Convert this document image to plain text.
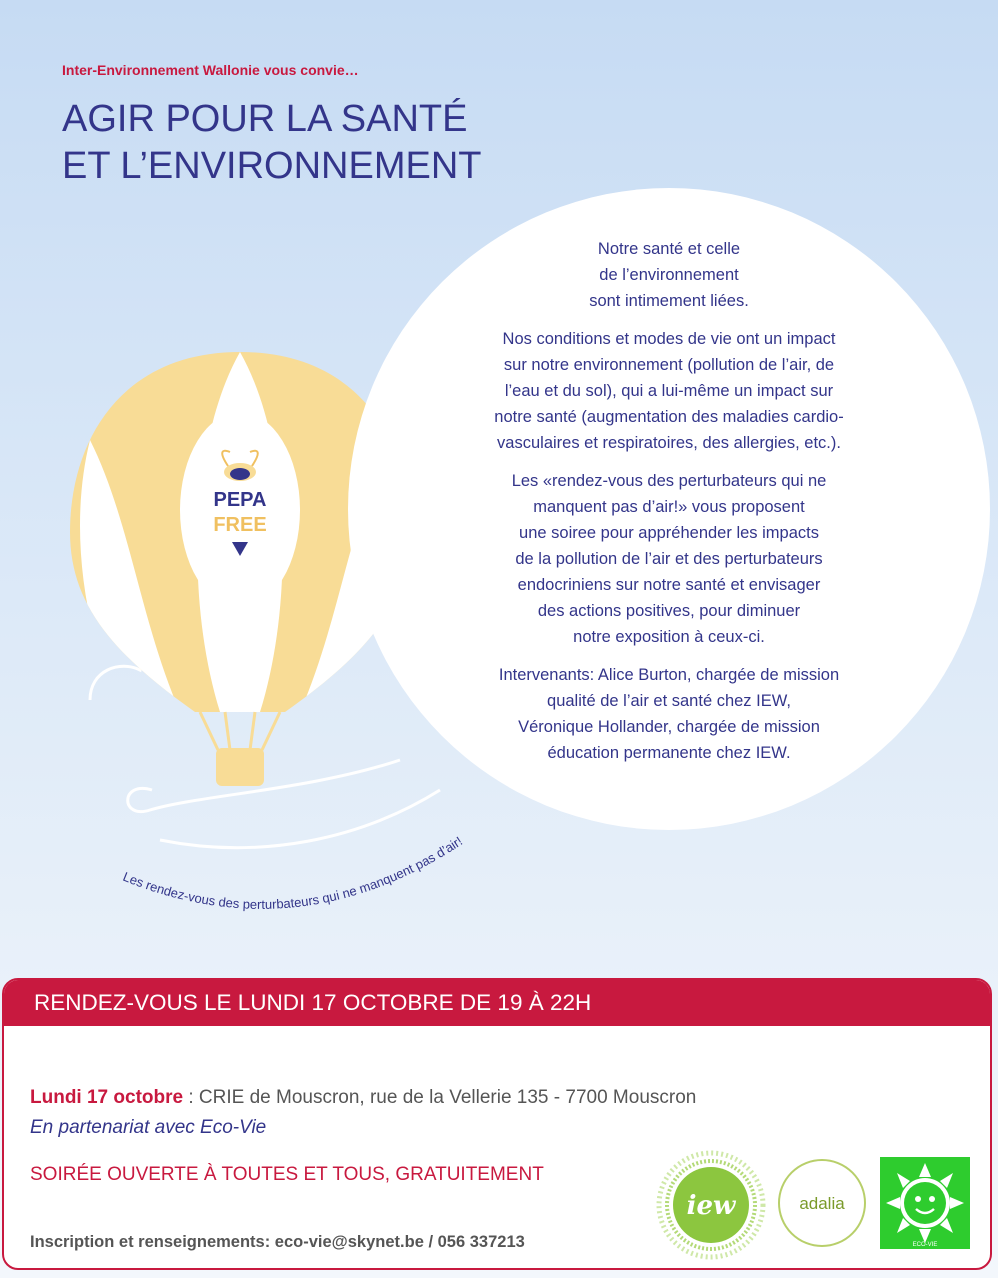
Inter-Environnement Wallonie vous convie…
AGIR POUR LA SANTÉ
ET L’ENVIRONNEMENT
PEPA
FREE

Notre santé et celle
de l’environnement
sont intimement liées.

Nos conditions et modes de vie ont un impact
sur notre environnement (pollution de l’air, de
l’eau et du sol), qui a lui-même un impact sur
notre santé (augmentation des maladies cardio-
vasculaires et respiratoires, des allergies, etc.).

Les «rendez-vous des perturbateurs qui ne
manquent pas d’air!» vous proposent
une soiree pour appréhender les impacts
de la pollution de l’air et des perturbateurs
endocriniens sur notre santé et envisager
des actions positives, pour diminuer
notre exposition à ceux-ci.

Intervenants: Alice Burton, chargée de mission
qualité de l’air et santé chez IEW,
Véronique Hollander, chargée de mission
éducation permanente chez IEW.

Les rendez-vous des perturbateurs qui ne manquent pas d’air!
RENDEZ-VOUS LE LUNDI 17 OCTOBRE DE 19 À 22H
Lundi 17 octobre : CRIE de Mouscron, rue de la Vellerie 135 - 7700 Mouscron
En partenariat avec Eco-Vie
SOIRÉE OUVERTE À TOUTES ET TOUS, GRATUITEMENT
Inscription et renseignements: eco-vie@skynet.be / 056 337213
iew	adalia
ECO-VIE
